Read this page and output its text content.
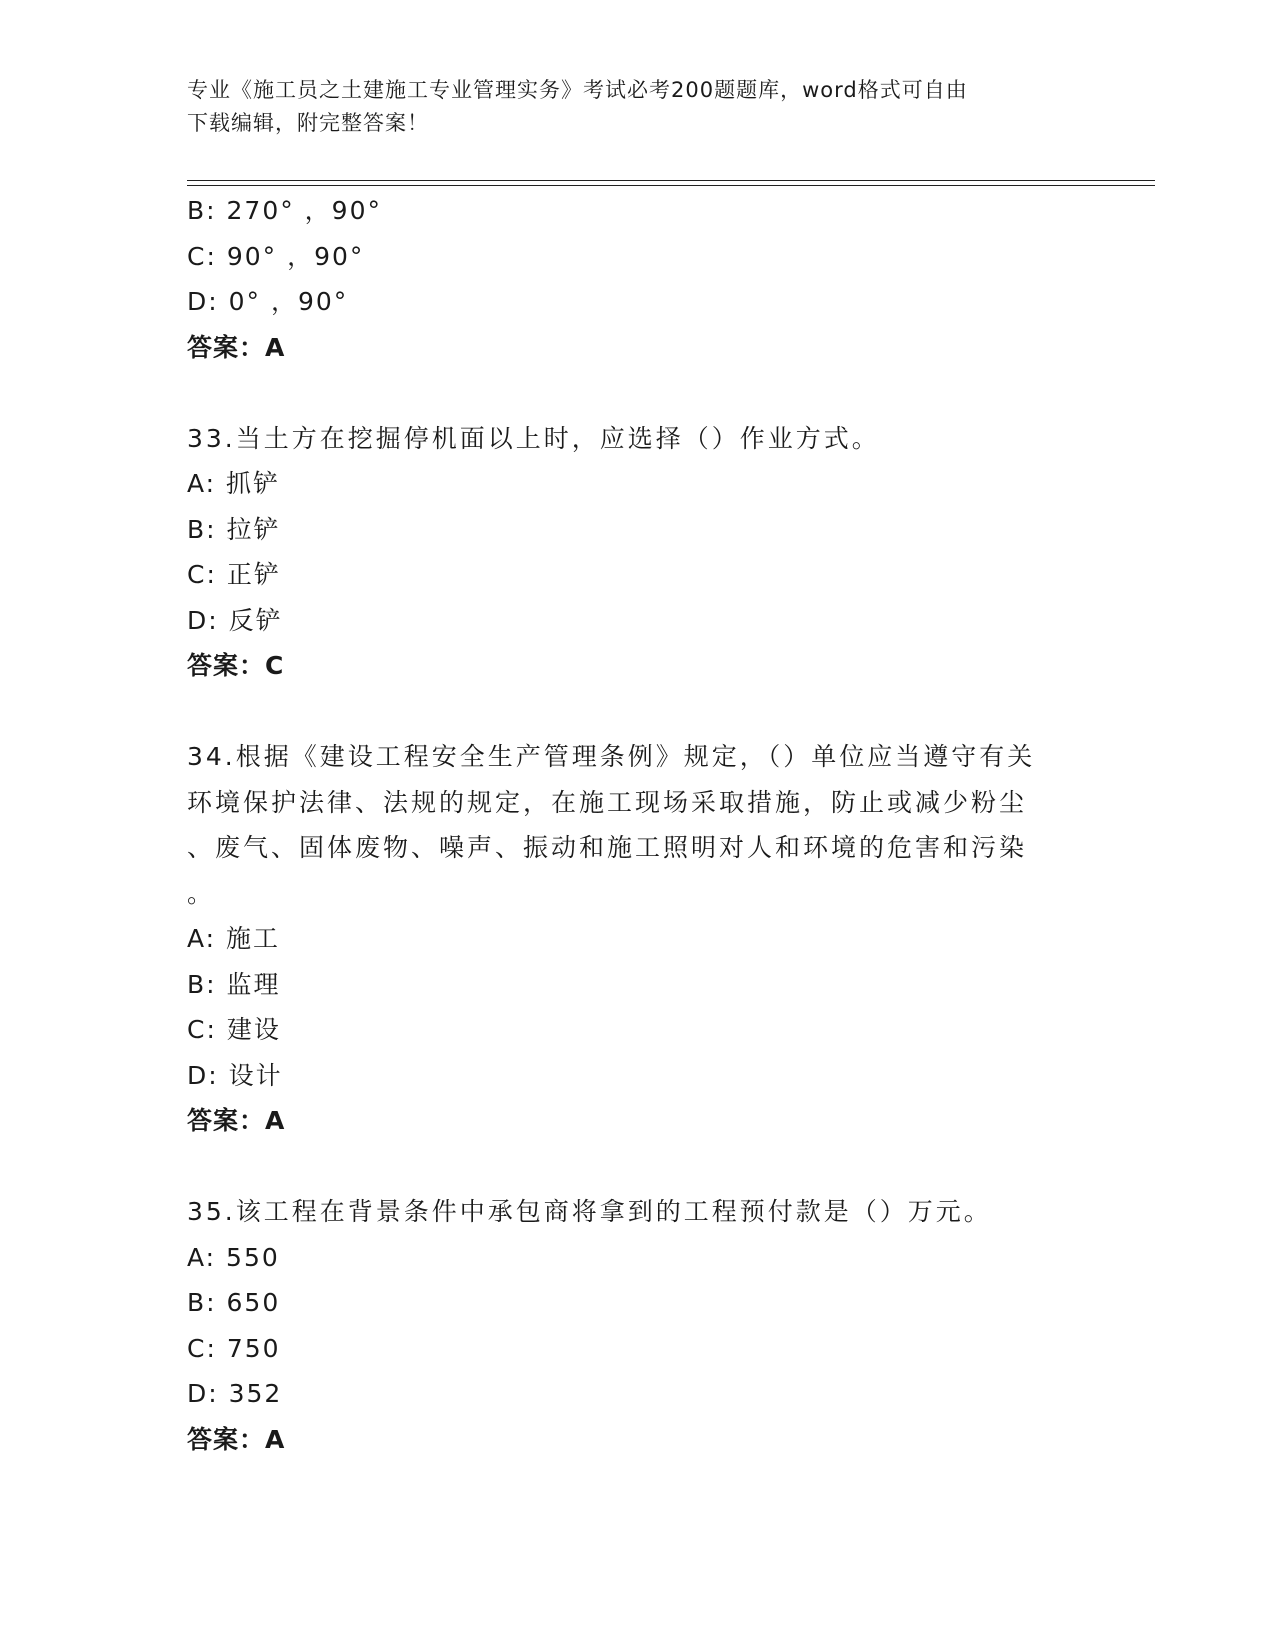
专业《施工员之土建施工专业管理实务》考试必考200题题库，word格式可自由
下载编辑，附完整答案！
B: 270° ，90°
C: 90° ，90°
D: 0° ，90°
答案：A
33.当土方在挖掘停机面以上时，应选择（）作业方式。
A: 抓铲
B: 拉铲
C: 正铲
D: 反铲
答案：C
34.根据《建设工程安全生产管理条例》规定，（）单位应当遵守有关
环境保护法律、法规的规定，在施工现场采取措施，防止或减少粉尘
、废气、固体废物、噪声、振动和施工照明对人和环境的危害和污染
。
A: 施工
B: 监理
C: 建设
D: 设计
答案：A
35.该工程在背景条件中承包商将拿到的工程预付款是（）万元。
A: 550
B: 650
C: 750
D: 352
答案：A
